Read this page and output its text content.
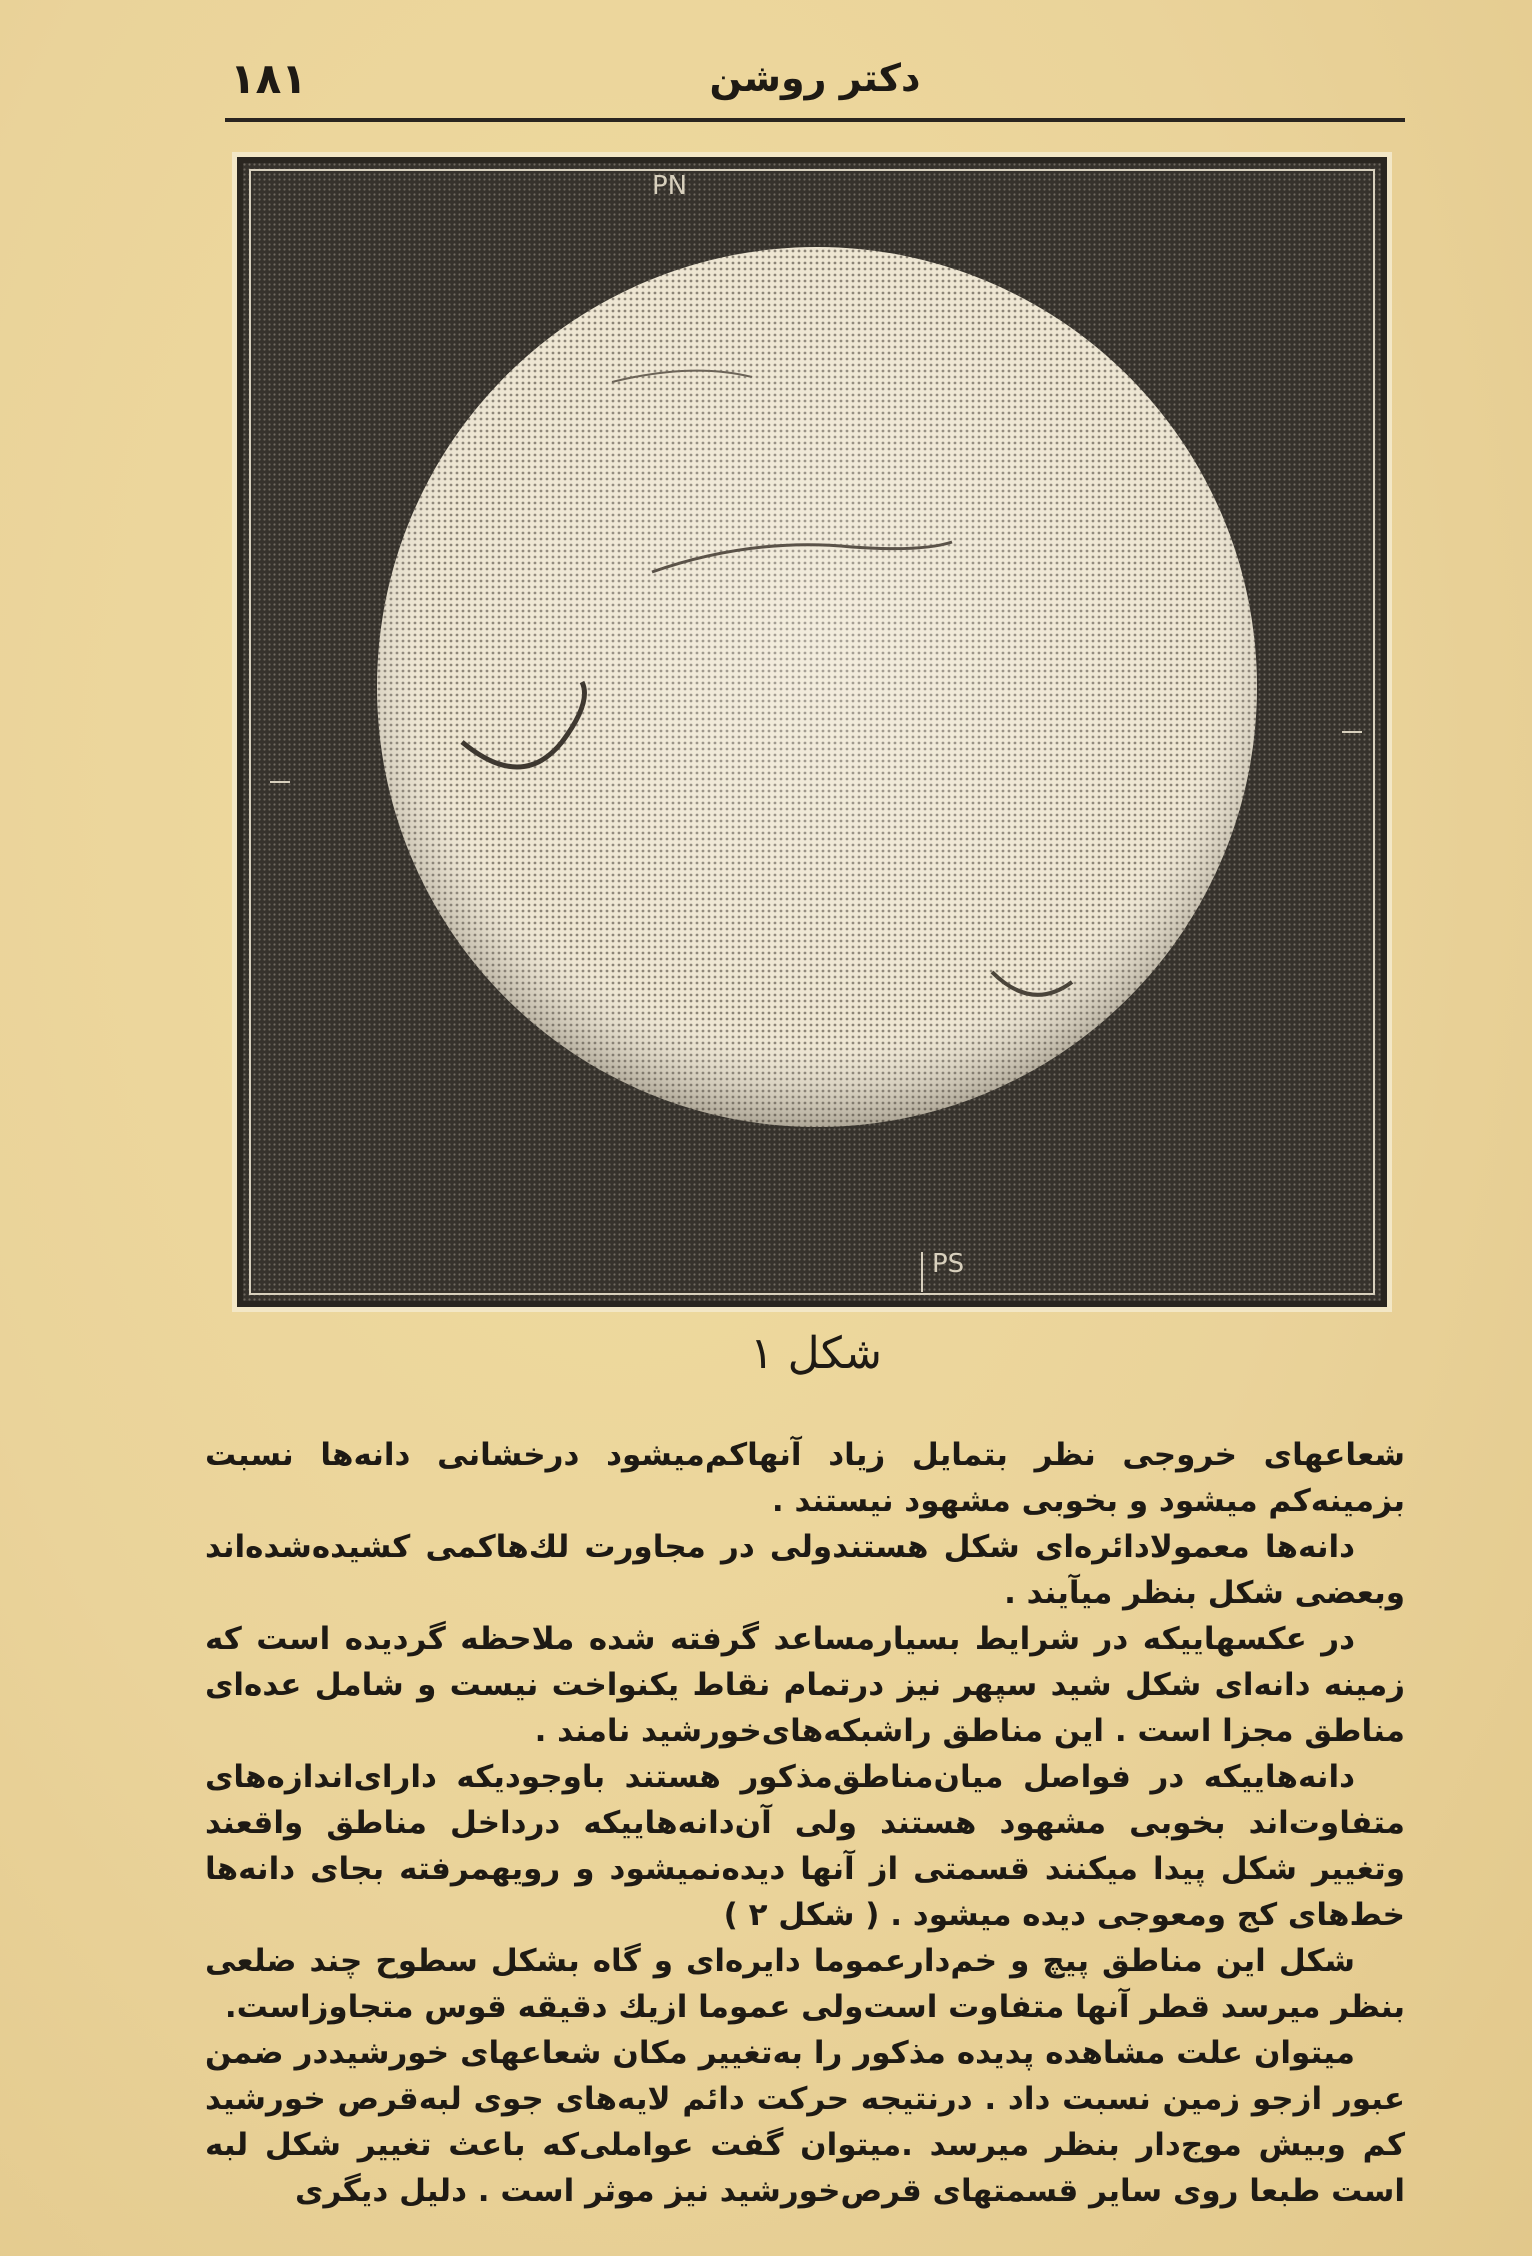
۱۸۱	دکتر روشن
PN
PS
شکل ۱

شعاعهای خروجی نظر بتمایل زیاد آنهاکم‌میشود درخشانی دانه‌ها نسبت بزمینه‌کم میشود و بخوبی مشهود نیستند .

دانه‌ها معمولادائره‌ای شکل هستندولی در مجاورت لك‌هاکمی کشیده‌شده‌اند وبعضی شکل بنظر میآیند .

در عکسهاییکه در شرایط بسیارمساعد گرفته شده ملاحظه گردیده است که زمینه دانه‌ای شکل شید سپهر نیز درتمام نقاط یکنواخت نیست و شامل عده‌ای مناطق مجزا است . این مناطق راشبکه‌های‌خورشید نامند .

دانه‌هاییکه در فواصل میان‌مناطق‌مذکور هستند باوجودیکه دارای‌اندازه‌های متفاوت‌اند بخوبی مشهود هستند ولی آن‌دانه‌هاییکه درداخل مناطق واقعند وتغییر شکل پیدا میکنند قسمتی از آنها دیده‌نمیشود و رویهمرفته بجای دانه‌ها خط‌های کج ومعوجی دیده میشود . ( شکل ۲ )

شکل این مناطق پیچ و خم‌دارعموما دایره‌ای و گاه بشکل سطوح چند ضلعی بنظر میرسد قطر آنها متفاوت است‌ولی عموما ازیك دقیقه قوس متجاوزاست.

میتوان علت مشاهده پدیده مذکور را به‌تغییر مکان شعاعهای خورشیددر ضمن عبور ازجو زمین نسبت داد . درنتیجه حرکت دائم لایه‌های جوی لبه‌قرص خورشید کم وبیش موج‌دار بنظر میرسد .میتوان گفت عواملی‌که باعث تغییر شکل لبه است طبعا روی سایر قسمتهای قرص‌خورشید نیز موثر است . دلیل دیگری
